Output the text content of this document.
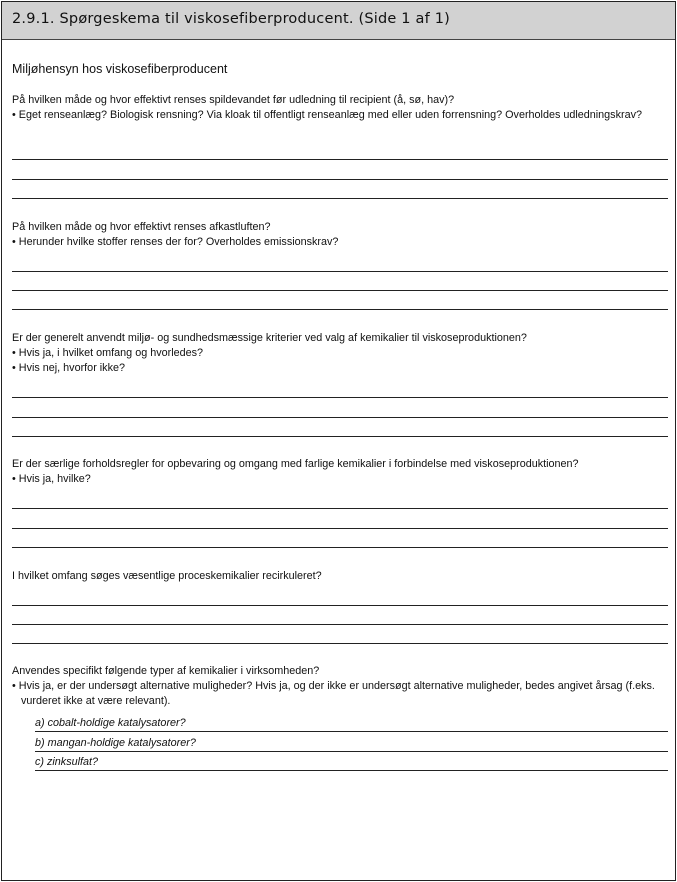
2.9.1. Spørgeskema til viskosefiberproducent. (Side 1 af 1)
Miljøhensyn hos viskosefiberproducent
På hvilken måde og hvor effektivt renses spildevandet før udledning til recipient (å, sø, hav)?
• Eget renseanlæg? Biologisk rensning? Via kloak til offentligt renseanlæg med eller uden forrensning? Overholdes udledningskrav?
På hvilken måde og hvor effektivt renses afkastluften?
• Herunder hvilke stoffer renses der for? Overholdes emissionskrav?
Er der generelt anvendt miljø- og sundhedsmæssige kriterier ved valg af kemikalier til viskoseproduktionen?
• Hvis ja, i hvilket omfang og hvorledes?
• Hvis nej, hvorfor ikke?
Er der særlige forholdsregler for opbevaring og omgang med farlige kemikalier i forbindelse med viskoseproduktionen?
• Hvis ja, hvilke?
I hvilket omfang søges væsentlige proceskemikalier recirkuleret?
Anvendes specifikt følgende typer af kemikalier i virksomheden?
• Hvis ja, er der undersøgt alternative muligheder? Hvis ja, og der ikke er undersøgt alternative muligheder, bedes angivet årsag (f.eks. vurderet ikke at være relevant).
a) cobalt-holdige katalysatorer?
b) mangan-holdige katalysatorer?
c) zinksulfat?
